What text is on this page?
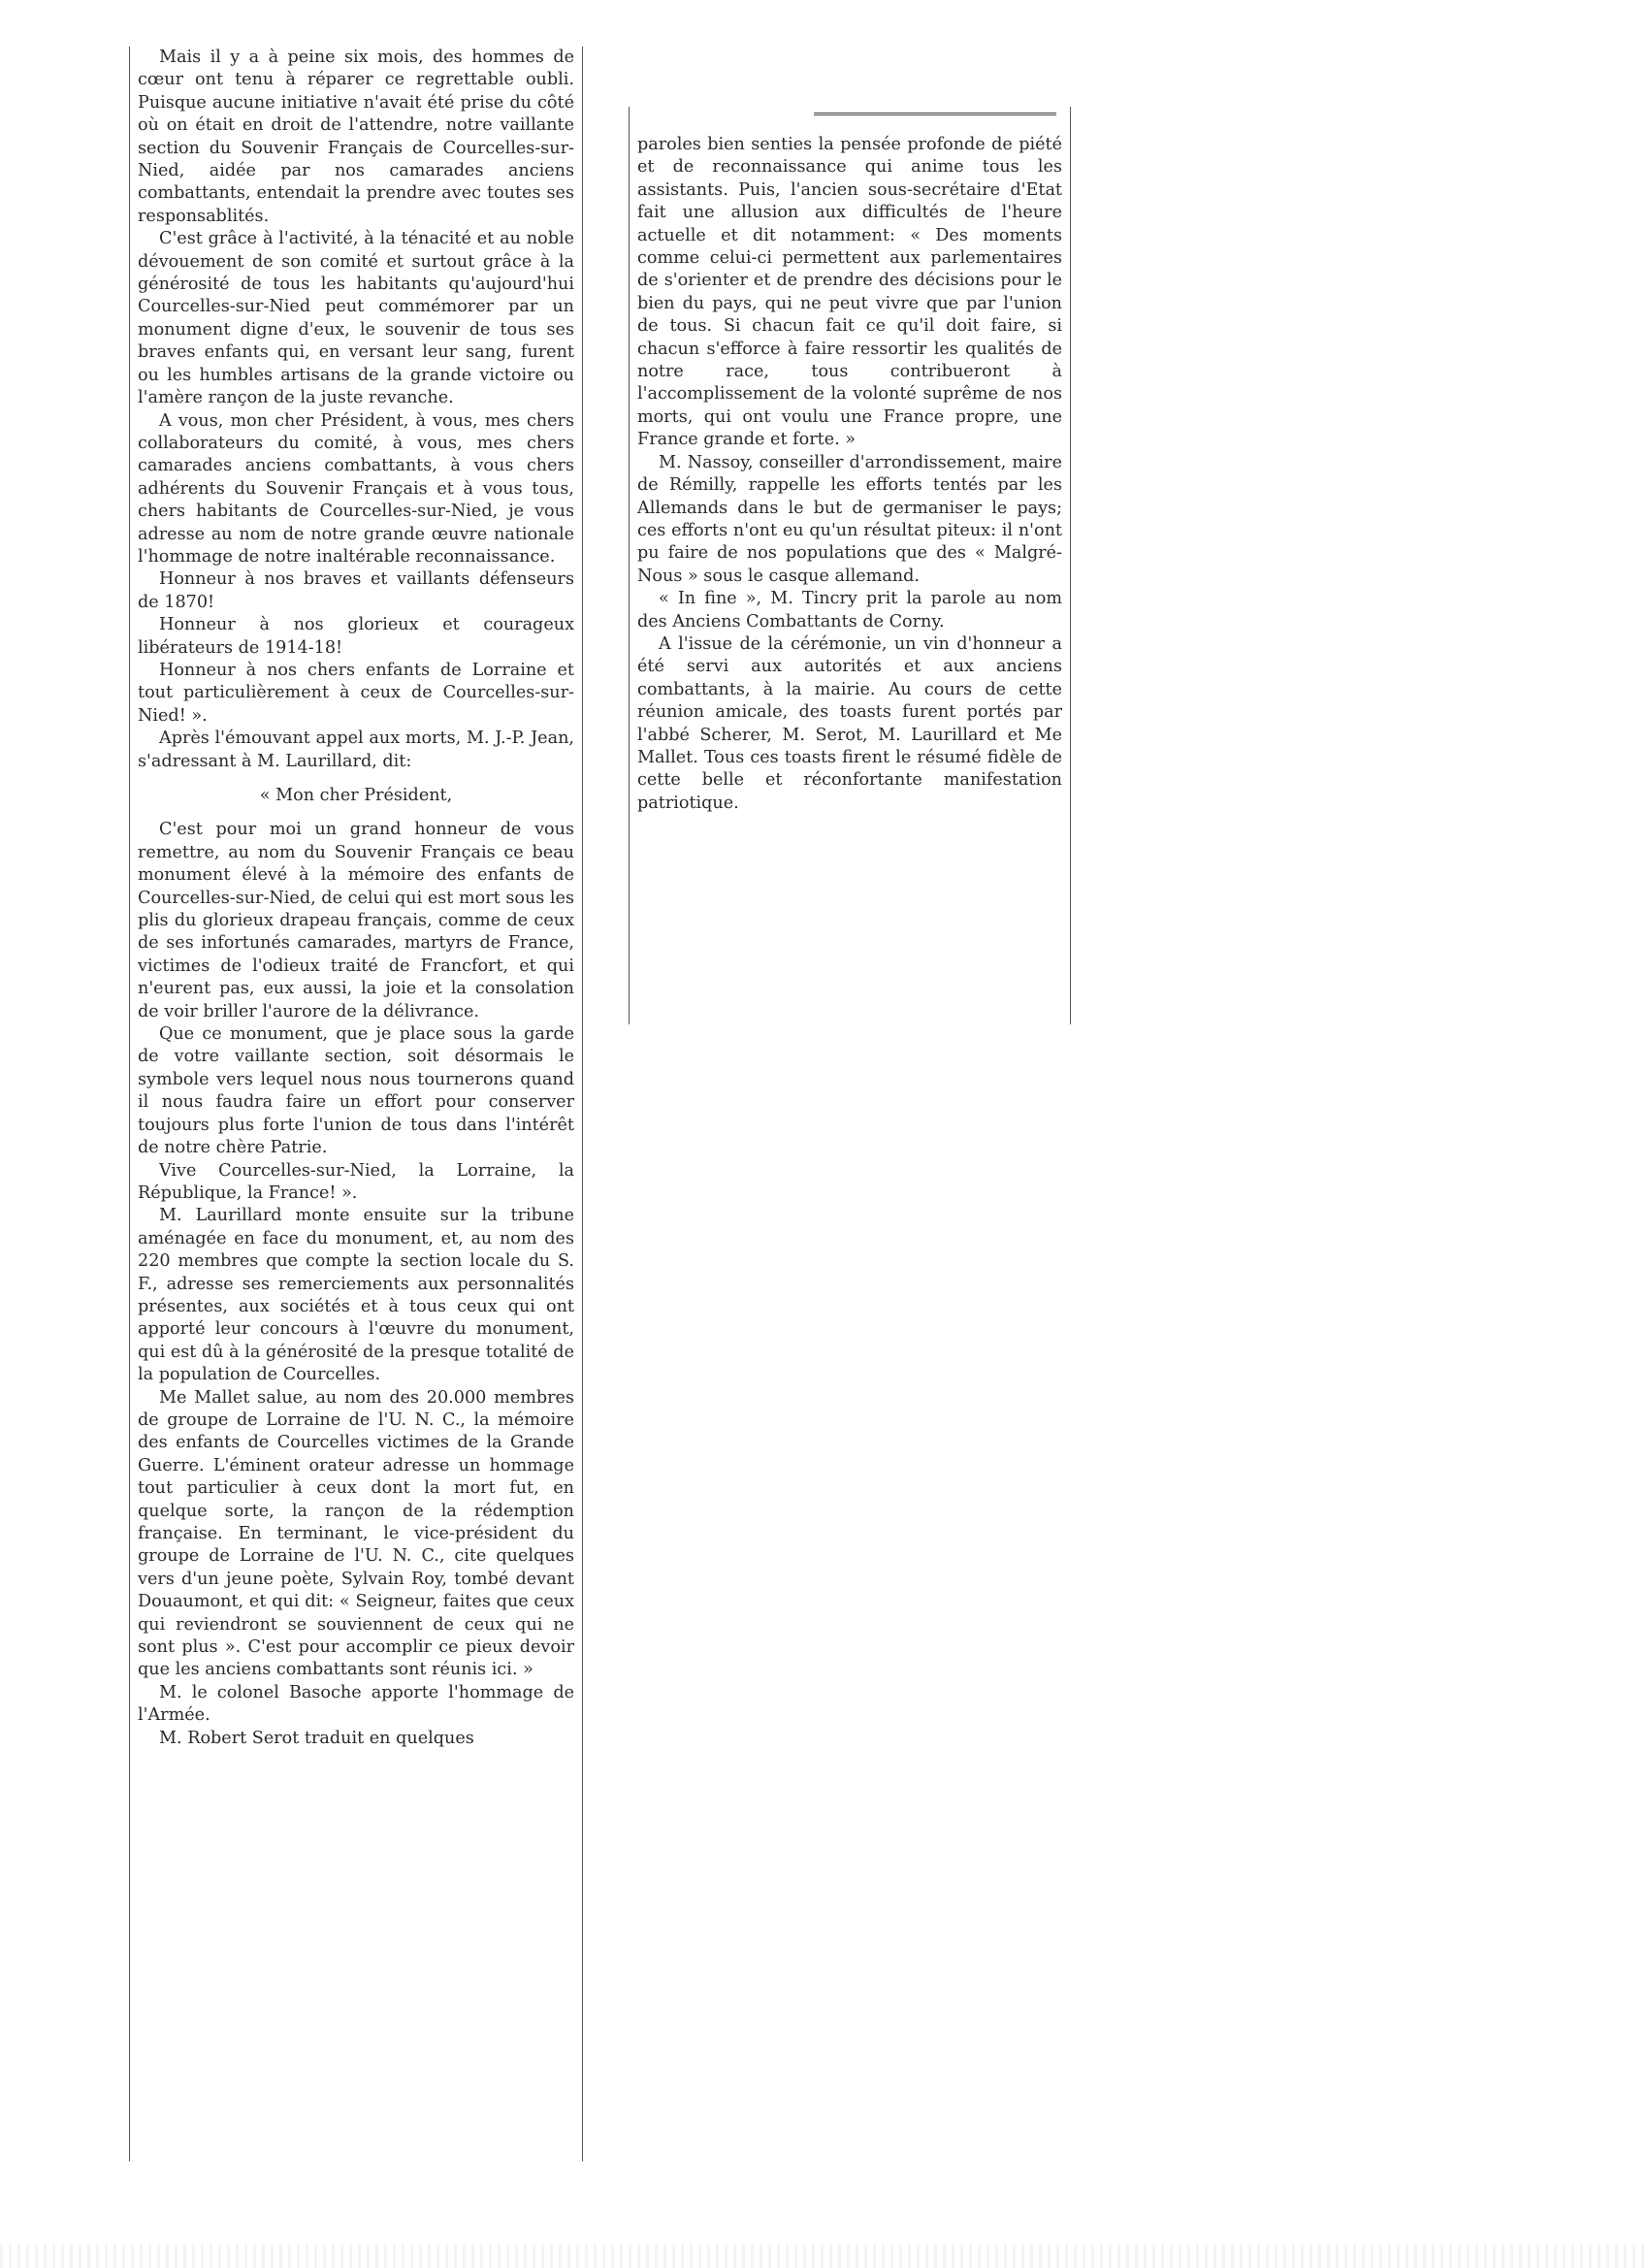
Mais il y a à peine six mois, des hommes de cœur ont tenu à réparer ce regrettable oubli. Puisque aucune initiative n'avait été prise du côté où on était en droit de l'attendre, notre vaillante section du Souvenir Français de Courcelles-sur-Nied, aidée par nos camarades anciens combattants, entendait la prendre avec toutes ses responsablités.

C'est grâce à l'activité, à la ténacité et au noble dévouement de son comité et surtout grâce à la générosité de tous les habitants qu'aujourd'hui Courcelles-sur-Nied peut commémorer par un monument digne d'eux, le souvenir de tous ses braves enfants qui, en versant leur sang, furent ou les humbles artisans de la grande victoire ou l'amère rançon de la juste revanche.

A vous, mon cher Président, à vous, mes chers collaborateurs du comité, à vous, mes chers camarades anciens combattants, à vous chers adhérents du Souvenir Français et à vous tous, chers habitants de Courcelles-sur-Nied, je vous adresse au nom de notre grande œuvre nationale l'hommage de notre inaltérable reconnaissance.

Honneur à nos braves et vaillants défenseurs de 1870!

Honneur à nos glorieux et courageux libérateurs de 1914-18!

Honneur à nos chers enfants de Lorraine et tout particulièrement à ceux de Courcelles-sur-Nied! ».

Après l'émouvant appel aux morts, M. J.-P. Jean, s'adressant à M. Laurillard, dit:

« Mon cher Président,

C'est pour moi un grand honneur de vous remettre, au nom du Souvenir Français ce beau monument élevé à la mémoire des enfants de Courcelles-sur-Nied, de celui qui est mort sous les plis du glorieux drapeau français, comme de ceux de ses infortunés camarades, martyrs de France, victimes de l'odieux traité de Francfort, et qui n'eurent pas, eux aussi, la joie et la consolation de voir briller l'aurore de la délivrance.

Que ce monument, que je place sous la garde de votre vaillante section, soit désormais le symbole vers lequel nous nous tournerons quand il nous faudra faire un effort pour conserver toujours plus forte l'union de tous dans l'intérêt de notre chère Patrie.

Vive Courcelles-sur-Nied, la Lorraine, la République, la France! ».

M. Laurillard monte ensuite sur la tribune aménagée en face du monument, et, au nom des 220 membres que compte la section locale du S. F., adresse ses remerciements aux personnalités présentes, aux sociétés et à tous ceux qui ont apporté leur concours à l'œuvre du monument, qui est dû à la générosité de la presque totalité de la population de Courcelles.

Me Mallet salue, au nom des 20.000 membres de groupe de Lorraine de l'U. N. C., la mémoire des enfants de Courcelles victimes de la Grande Guerre. L'éminent orateur adresse un hommage tout particulier à ceux dont la mort fut, en quelque sorte, la rançon de la rédemption française. En terminant, le vice-président du groupe de Lorraine de l'U. N. C., cite quelques vers d'un jeune poète, Sylvain Roy, tombé devant Douaumont, et qui dit: « Seigneur, faites que ceux qui reviendront se souviennent de ceux qui ne sont plus ». C'est pour accomplir ce pieux devoir que les anciens combattants sont réunis ici. »

M. le colonel Basoche apporte l'hommage de l'Armée.

M. Robert Serot traduit en quelques

paroles bien senties la pensée profonde de piété et de reconnaissance qui anime tous les assistants. Puis, l'ancien sous-secrétaire d'Etat fait une allusion aux difficultés de l'heure actuelle et dit notamment: « Des moments comme celui-ci permettent aux parlementaires de s'orienter et de prendre des décisions pour le bien du pays, qui ne peut vivre que par l'union de tous. Si chacun fait ce qu'il doit faire, si chacun s'efforce à faire ressortir les qualités de notre race, tous contribueront à l'accomplissement de la volonté suprême de nos morts, qui ont voulu une France propre, une France grande et forte. »

M. Nassoy, conseiller d'arrondissement, maire de Rémilly, rappelle les efforts tentés par les Allemands dans le but de germaniser le pays; ces efforts n'ont eu qu'un résultat piteux: il n'ont pu faire de nos populations que des « Malgré-Nous » sous le casque allemand.

« In fine », M. Tincry prit la parole au nom des Anciens Combattants de Corny.

A l'issue de la cérémonie, un vin d'honneur a été servi aux autorités et aux anciens combattants, à la mairie. Au cours de cette réunion amicale, des toasts furent portés par l'abbé Scherer, M. Serot, M. Laurillard et Me Mallet. Tous ces toasts firent le résumé fidèle de cette belle et réconfortante manifestation patriotique.
